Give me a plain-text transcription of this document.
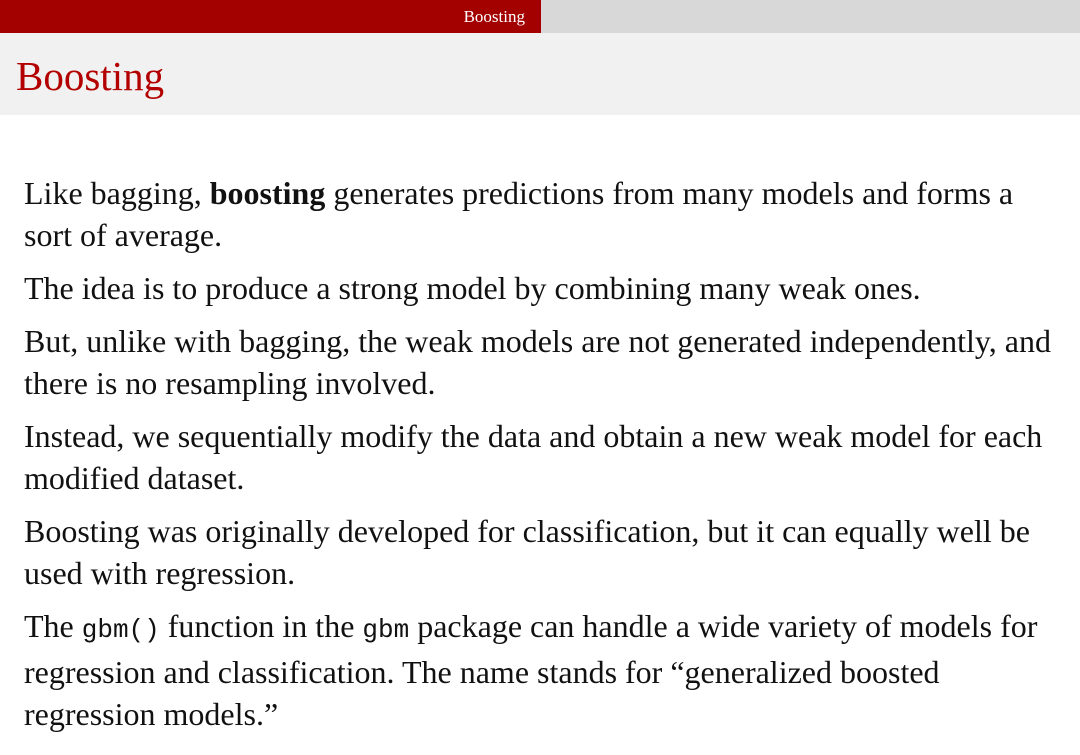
Boosting
Boosting

Like bagging, boosting generates predictions from many models and forms a sort of average.

The idea is to produce a strong model by combining many weak ones.

But, unlike with bagging, the weak models are not generated independently, and there is no resampling involved.

Instead, we sequentially modify the data and obtain a new weak model for each modified dataset.

Boosting was originally developed for classification, but it can equally well be used with regression.

The gbm() function in the gbm package can handle a wide variety of models for regression and classification. The name stands for “generalized boosted regression models.”
